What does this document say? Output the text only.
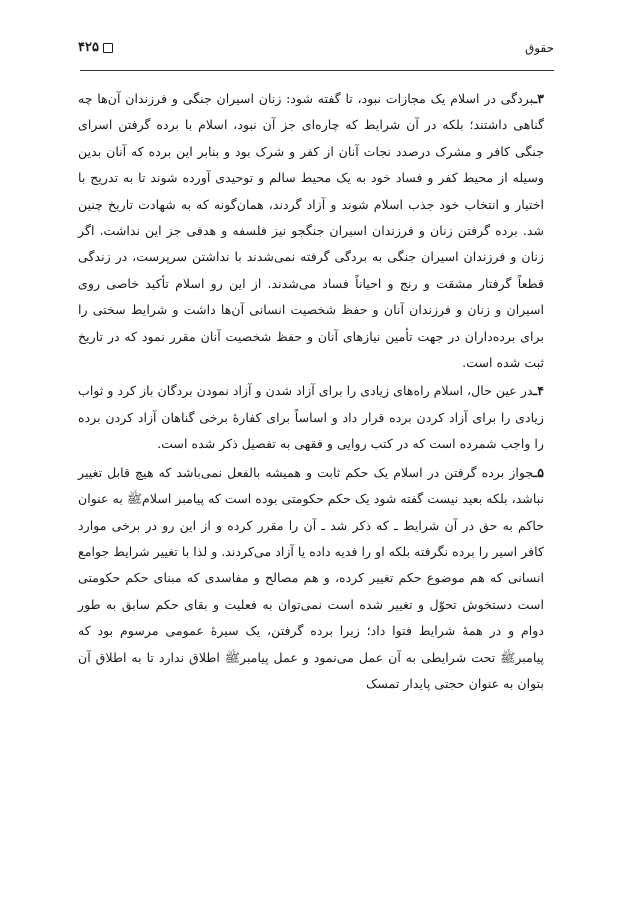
حقوق
۴۲۵

۳ـبردگی در اسلام یک مجازات نبود، تا گفته شود: زنان اسیران جنگی و فرزندان آن‌ها چه گناهی داشتند؛ بلکه در آن شرایط که چاره‌ای جز آن نبود، اسلام با برده گرفتن اسرای جنگی کافر و مشرک درصدد نجات آنان از کفر و شرک بود و بنابر این برده که آنان بدین وسیله از محیط کفر و فساد خود به یک محیط سالم و توحیدی آورده شوند تا به تدریج با اختیار و انتخاب خود جذب اسلام شوند و آزاد گردند، همان‌گونه که به شهادت تاریخ چنین شد. برده گرفتن زنان و فرزندان اسیران جنگجو نیز فلسفه و هدفی جز این نداشت. اگر زنان و فرزندان اسیران جنگی به بردگی گرفته نمی‌شدند با نداشتن سرپرست، در زندگی قطعاً گرفتار مشقت و رنج و احیاناً فساد می‌شدند. از این رو اسلام تأکید خاصی روی اسیران و زنان و فرزندان آنان و حفظ شخصیت انسانی آن‌ها داشت و شرایط سختی را برای برده‌داران در جهت تأمین نیازهای آنان و حفظ شخصیت آنان مقرر نمود که در تاریخ ثبت شده است.

۴ـدر عین حال، اسلام راه‌های زیادی را برای آزاد شدن و آزاد نمودن بردگان باز کرد و ثواب زیادی را برای آزاد کردن برده قرار داد و اساساً برای کفارهٔ برخی گناهان آزاد کردن برده را واجب شمرده است که در کتب روایی و فقهی به تفصیل ذکر شده است.

۵ـجواز برده گرفتن در اسلام یک حکم ثابت و همیشه بالفعل نمی‌باشد که هیچ قابل تغییر نباشد، بلکه بعید نیست گفته شود یک حکم حکومتی بوده است که پیامبر اسلامﷺ به عنوان حاکم به حق در آن شرایط ـ که ذکر شد ـ آن را مقرر کرده و از این رو در برخی موارد کافر اسیر را برده نگرفته بلکه او را فدیه داده یا آزاد می‌کردند. و لذا با تغییر شرایط جوامع انسانی که هم موضوع حکم تغییر کرده، و هم مصالح و مفاسدی که مبنای حکم حکومتی است دستخوش تحوّل و تغییر شده است نمی‌توان به فعلیت و بقای حکم سابق به طور دوام و در همهٔ شرایط فتوا داد؛ زیرا برده گرفتن، یک سیرهٔ عمومی مرسوم بود که پیامبرﷺ تحت شرایطی به آن عمل می‌نمود و عمل پیامبرﷺ اطلاق ندارد تا به اطلاق آن بتوان به عنوان حجتی پایدار تمسک
